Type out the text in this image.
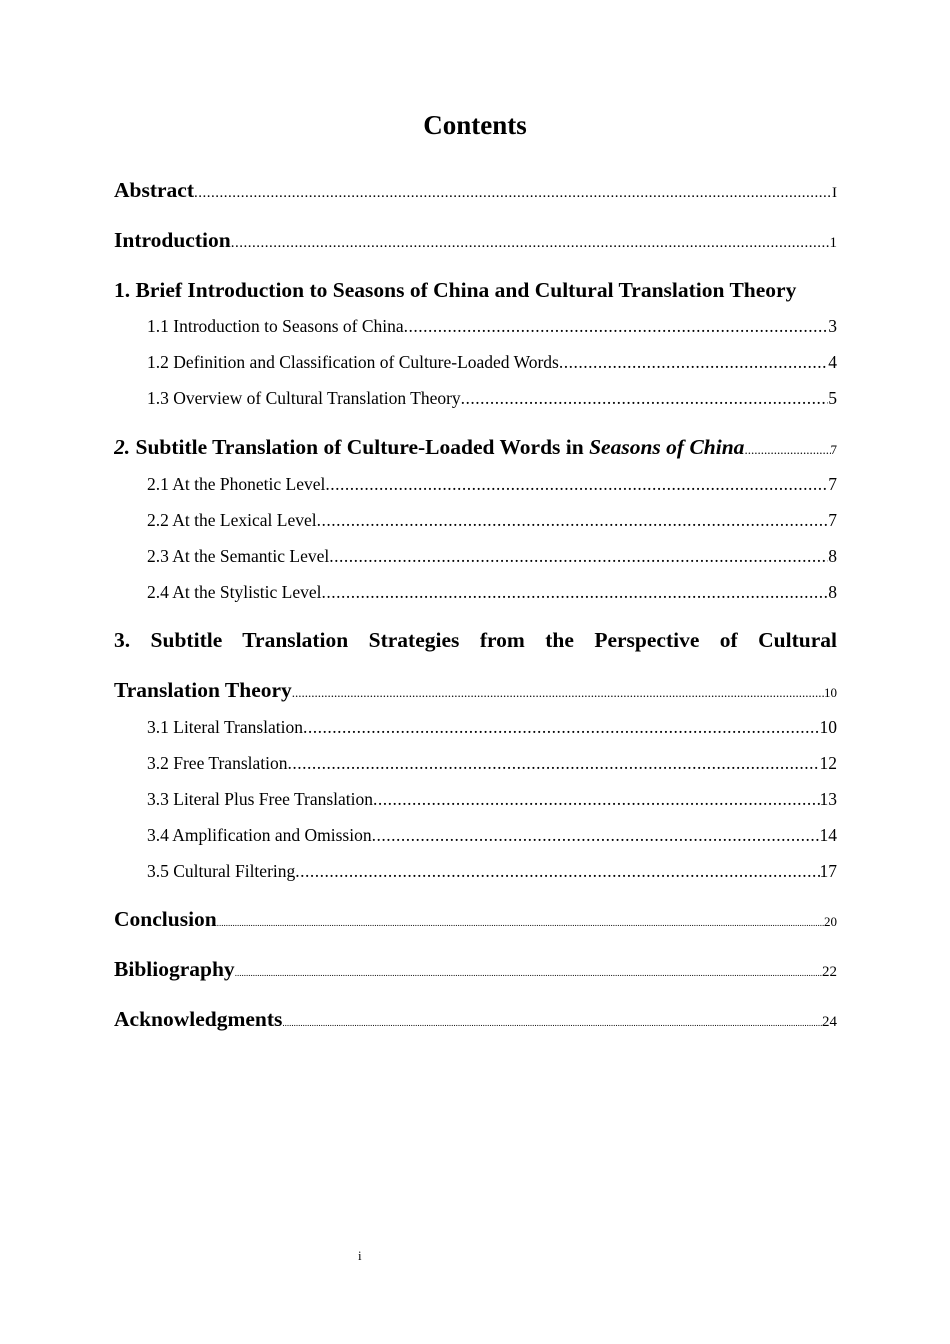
Contents
Abstract .....	I
Introduction .....	1
1. Brief Introduction to Seasons of China and Cultural Translation Theory
1.1 Introduction to Seasons of China .....	3
1.2 Definition and Classification of Culture-Loaded Words .....	4
1.3 Overview of Cultural Translation Theory .....	5
2. Subtitle Translation of Culture-Loaded Words in Seasons of China .....	7
2.1 At the Phonetic Level .....	7
2.2 At the Lexical Level .....	7
2.3 At the Semantic Level .....	8
2.4 At the Stylistic Level .....	8
3. Subtitle Translation Strategies from the Perspective of Cultural
Translation Theory .....	10
3.1 Literal Translation .....	10
3.2 Free Translation .....	12
3.3 Literal Plus Free Translation .....	13
3.4 Amplification and Omission .....	14
3.5 Cultural Filtering .....	17
Conclusion .....	20
Bibliography .....	22
Acknowledgments .....	24
i
